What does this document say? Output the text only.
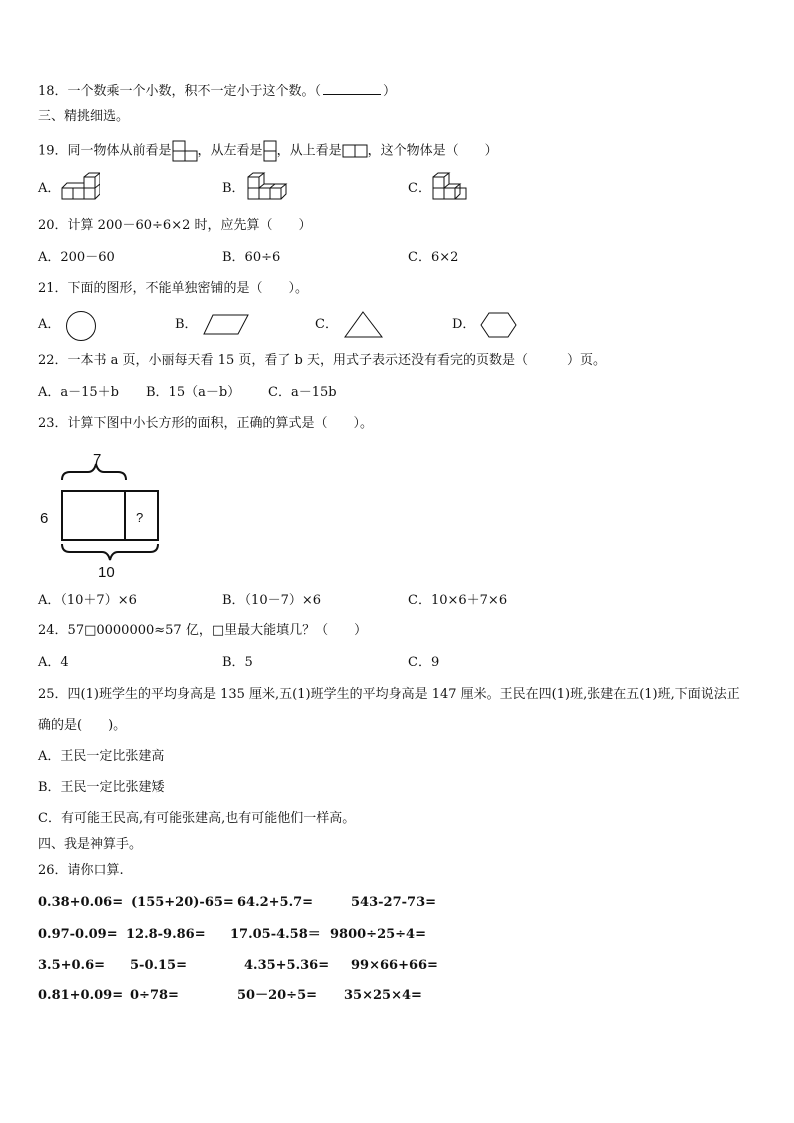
18．一个数乘一个小数，积不一定小于这个数。（	）
三、精挑细选。
19．同一物体从前看是 ，从左看是 ，从上看是 ，这个物体是（　　）
A．	B．	C．
20．计算 200－60÷6×2 时，应先算（　　）
A．200－60	B．60÷6	C．6×2
21．下面的图形，不能单独密铺的是（　　）。
A．	B．	C．	D．
22．一本书 a 页，小丽每天看 15 页，看了 b 天，用式子表示还没有看完的页数是（　　　）页。
A．a－15＋b B．15（a－b） C．a－15b
23．计算下图中小长方形的面积，正确的算式是（　　）。
7
6	?
10
A．（10＋7）×6	B．（10－7）×6	C．10×6＋7×6
24．57□0000000≈57 亿，□里最大能填几？（　　）
A．4	B．5	C．9
25．四(1)班学生的平均身高是 135 厘米,五(1)班学生的平均身高是 147 厘米。王民在四(1)班,张建在五(1)班,下面说法正
确的是(　　)。
A．王民一定比张建高
B．王民一定比张建矮
C．有可能王民高,有可能张建高,也有可能他们一样高。
四、我是神算手。
26．请你口算.
0.38+0.06= (155+20)-65= 64.2+5.7=	543-27-73=
0.97-0.09= 12.8-9.86= 17.05-4.58＝ 9800÷25÷4=
3.5+0.6= 5-0.15=	4.35+5.36= 99×66+66=
0.81+0.09= 0÷78=	50－20÷5= 35×25×4=
